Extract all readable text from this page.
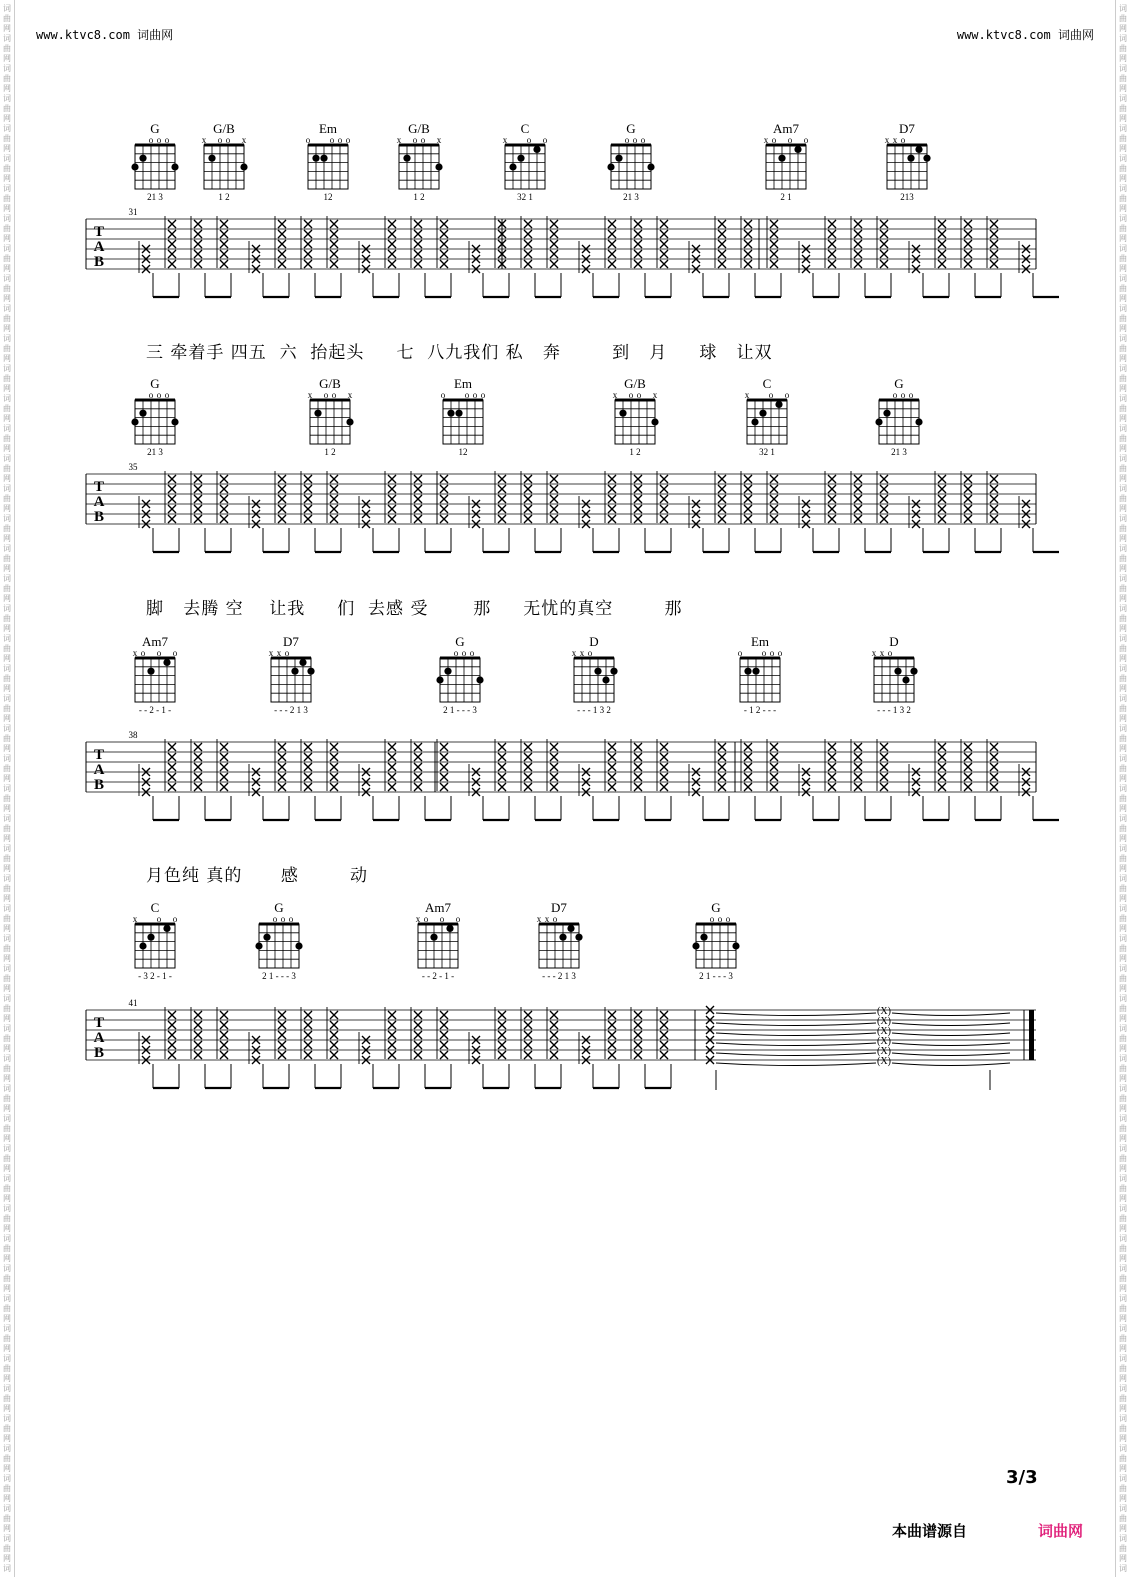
词
曲
网
词
曲
网
词
曲
网
词
曲
网
词
曲
网
词
曲
网
词
曲
网
词
曲
网
词
曲
网
词
曲
网
词
曲
网
词
曲
网
词
曲
网
词
曲
网
词
曲
网
词
曲
网
词
曲
网
词
曲
网
词
曲
网
词
曲
网
词
曲
网
词
曲
网
词
曲
网
词
曲
网
词
曲
网
词
曲
网
词
曲
网
词
曲
网
词
曲
网
词
曲
网
词
曲
网
词
曲
网
词
曲
网
词
曲
网
词
曲
网
词
曲
网
词
曲
网
词
曲
网
词
曲
网
词
曲
网
词
曲
网
词
曲
网
词
曲
网
词
曲
网
词
曲
网
词
曲
网
词
曲
网
词
曲
网
词
曲
网
词
曲
网
词
曲
网
词
曲
网
词
词
曲
网
词
曲
网
词
曲
网
词
曲
网
词
曲
网
词
曲
网
词
曲
网
词
曲
网
词
曲
网
词
曲
网
词
曲
网
词
曲
网
词
曲
网
词
曲
网
词
曲
网
词
曲
网
词
曲
网
词
曲
网
词
曲
网
词
曲
网
词
曲
网
词
曲
网
词
曲
网
词
曲
网
词
曲
网
词
曲
网
词
曲
网
词
曲
网
词
曲
网
词
曲
网
词
曲
网
词
曲
网
词
曲
网
词
曲
网
词
曲
网
词
曲
网
词
曲
网
词
曲
网
词
曲
网
词
曲
网
词
曲
网
词
曲
网
词
曲
网
词
曲
网
词
曲
网
词
曲
网
词
曲
网
词
曲
网
词
曲
网
词
曲
网
词
曲
网
词
曲
网
词
www.ktvc8.com 词曲网	www.ktvc8.com 词曲网
G
o o o
21 3
G/B
x o o x
1 2
Em
o o o o
12
G/B
x o o x
1 2
C
x o o
32 1
G
o o o
21 3
Am7
x o o o
2 1
D7
x x o
213
T
A
B
31
G
o o o
21 3
G/B
x o o x
1 2
Em
o o o o
12
G/B
x o o x
1 2
C
x o o
32 1
G
o o o
21 3
T
A
B
35
Am7
x o o o
- - 2 - 1 -
D7
x x o
- - - 2 1 3
G
o o o
2 1 - - - 3
D
x x o
- - - 1 3 2
Em
o o o o
- 1 2 - - -
D
x x o
- - - 1 3 2
T
A
B
38
C
x o o
- 3 2 - 1 -
G
o o o
2 1 - - - 3
Am7
x o o o
- - 2 - 1 -
D7
x x o
- - - 2 1 3
G
o o o
2 1 - - - 3
T
A
B
41
(X)
(X)
(X)
(X)
(X)
(X)
三 牵着手 四五  六  抬起头     七  八九我们 私   奔        到   月     球   让双
脚   去腾 空    让我     们  去感 受       那     无忧的真空        那
月色纯 真的      感        动
3/3
本曲谱源自	词曲网
